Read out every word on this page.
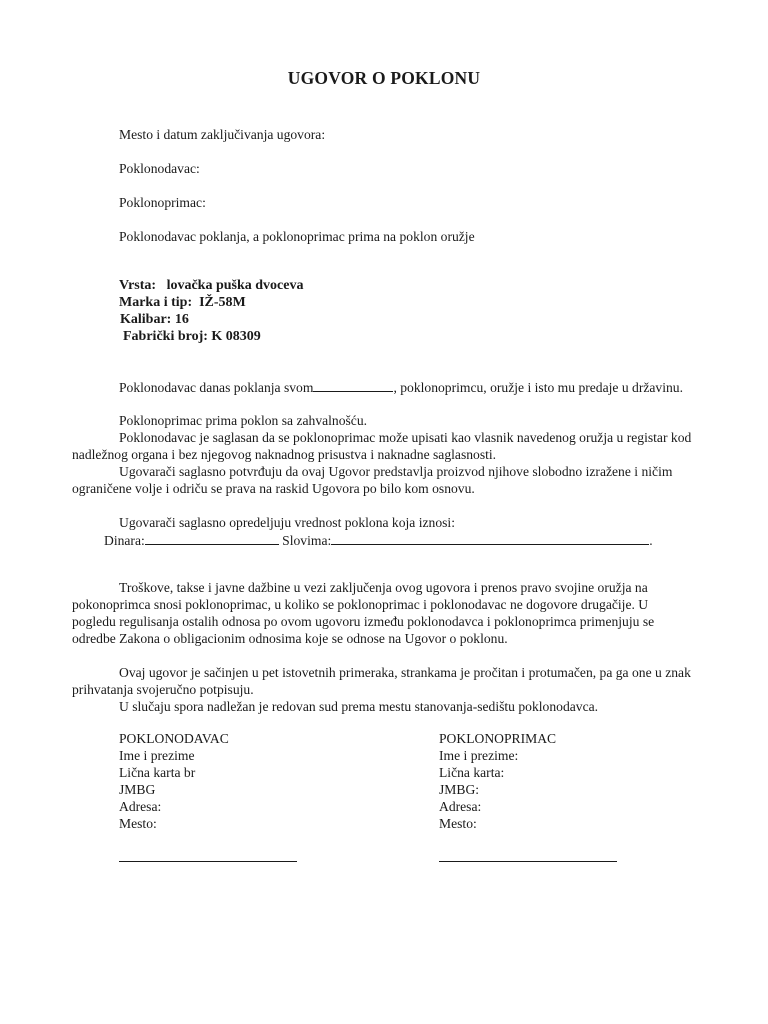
UGOVOR O POKLONU
Mesto i datum zaključivanja ugovora:
Poklonodavac:
Poklonoprimac:
Poklonodavac poklanja, a poklonoprimac prima na poklon oružje
Vrsta: lovačka puška dvoceva
Marka i tip: IŽ-58M
Kalibar: 16
Fabrički broj: K 08309
Poklonodavac danas poklanja svom	, poklonoprimcu, oružje i isto mu predaje u državinu.
Poklonoprimac prima poklon sa zahvalnošću.
Poklonodavac je saglasan da se poklonoprimac može upisati kao vlasnik navedenog oružja u registar kod nadležnog organa i bez njegovog naknadnog prisustva i naknadne saglasnosti.
Ugovarači saglasno potvrđuju da ovaj Ugovor predstavlja proizvod njihove slobodno izražene i ničim ograničene volje i odriču se prava na raskid Ugovora po bilo kom osnovu.
Ugovarači saglasno opredeljuju vrednost poklona koja iznosi:
Dinara:	Slovima:	.
Troškove, takse i javne dažbine u vezi zaključenja ovog ugovora i prenos pravo svojine oružja na pokonoprimca snosi poklonoprimac, u koliko se poklonoprimac i poklonodavac ne dogovore drugačije. U pogledu regulisanja ostalih odnosa po ovom ugovoru između poklonodavca i poklonoprimca primenjuju se odredbe Zakona o obligacionim odnosima koje se odnose na Ugovor o poklonu.
Ovaj ugovor je sačinjen u pet istovetnih primeraka, strankama je pročitan i protumačen, pa ga one u znak prihvatanja svojeručno potpisuju.
U slučaju spora nadležan je redovan sud prema mestu stanovanja-sedištu poklonodavca.
POKLONODAVAC
Ime i prezime
Lična karta br
JMBG
Adresa:
Mesto:
POKLONOPRIMAC
Ime i prezime:
Lična karta:
JMBG:
Adresa:
Mesto:
